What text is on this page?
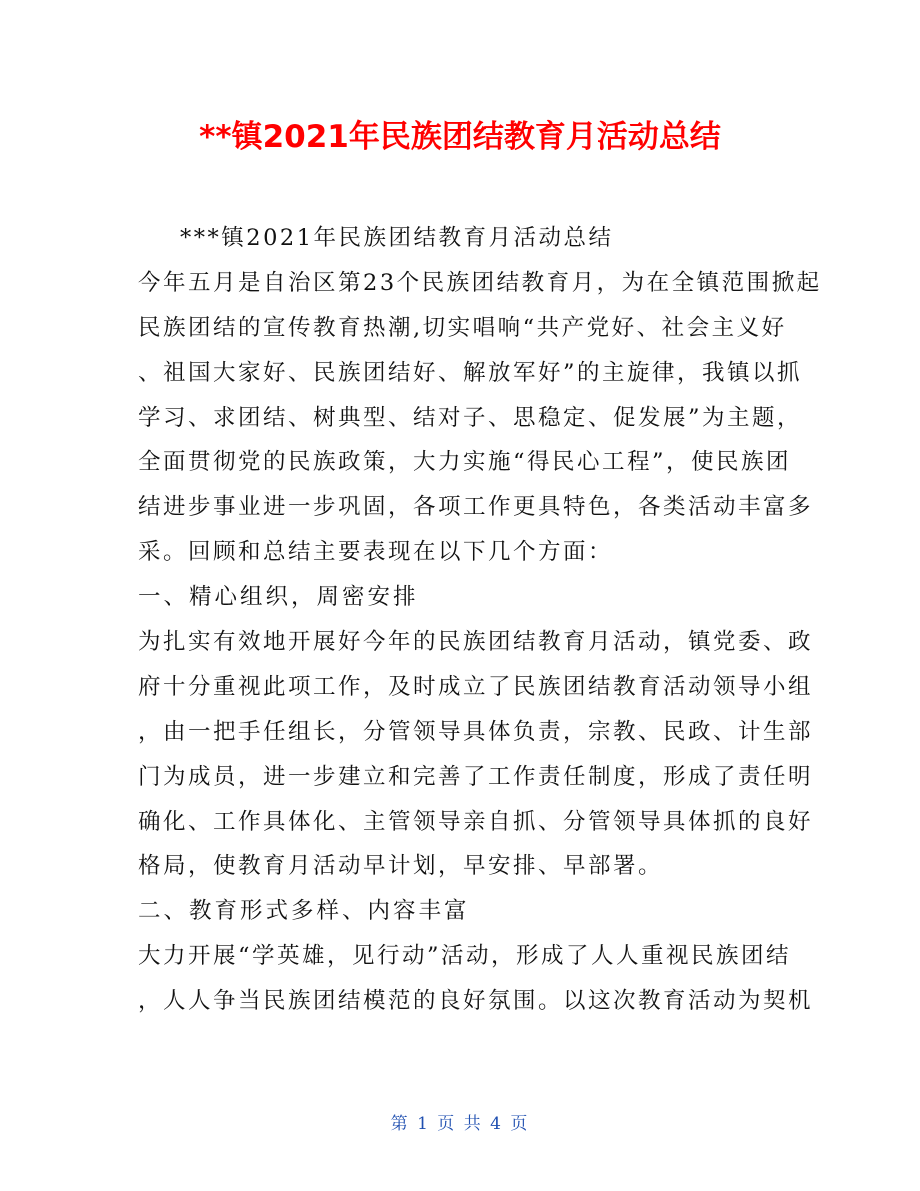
**镇2021年民族团结教育月活动总结
***镇2021年民族团结教育月活动总结
今年五月是自治区第23个民族团结教育月，为在全镇范围掀起
民族团结的宣传教育热潮,切实唱响“共产党好、社会主义好
、祖国大家好、民族团结好、解放军好”的主旋律，我镇以抓
学习、求团结、树典型、结对子、思稳定、促发展”为主题，
全面贯彻党的民族政策，大力实施“得民心工程”，使民族团
结进步事业进一步巩固，各项工作更具特色，各类活动丰富多
采。回顾和总结主要表现在以下几个方面：
一、精心组织，周密安排
为扎实有效地开展好今年的民族团结教育月活动，镇党委、政
府十分重视此项工作，及时成立了民族团结教育活动领导小组
，由一把手任组长，分管领导具体负责，宗教、民政、计生部
门为成员，进一步建立和完善了工作责任制度，形成了责任明
确化、工作具体化、主管领导亲自抓、分管领导具体抓的良好
格局，使教育月活动早计划，早安排、早部署。
二、教育形式多样、内容丰富
大力开展“学英雄，见行动”活动，形成了人人重视民族团结
，人人争当民族团结模范的良好氛围。以这次教育活动为契机
第 1 页 共 4 页
